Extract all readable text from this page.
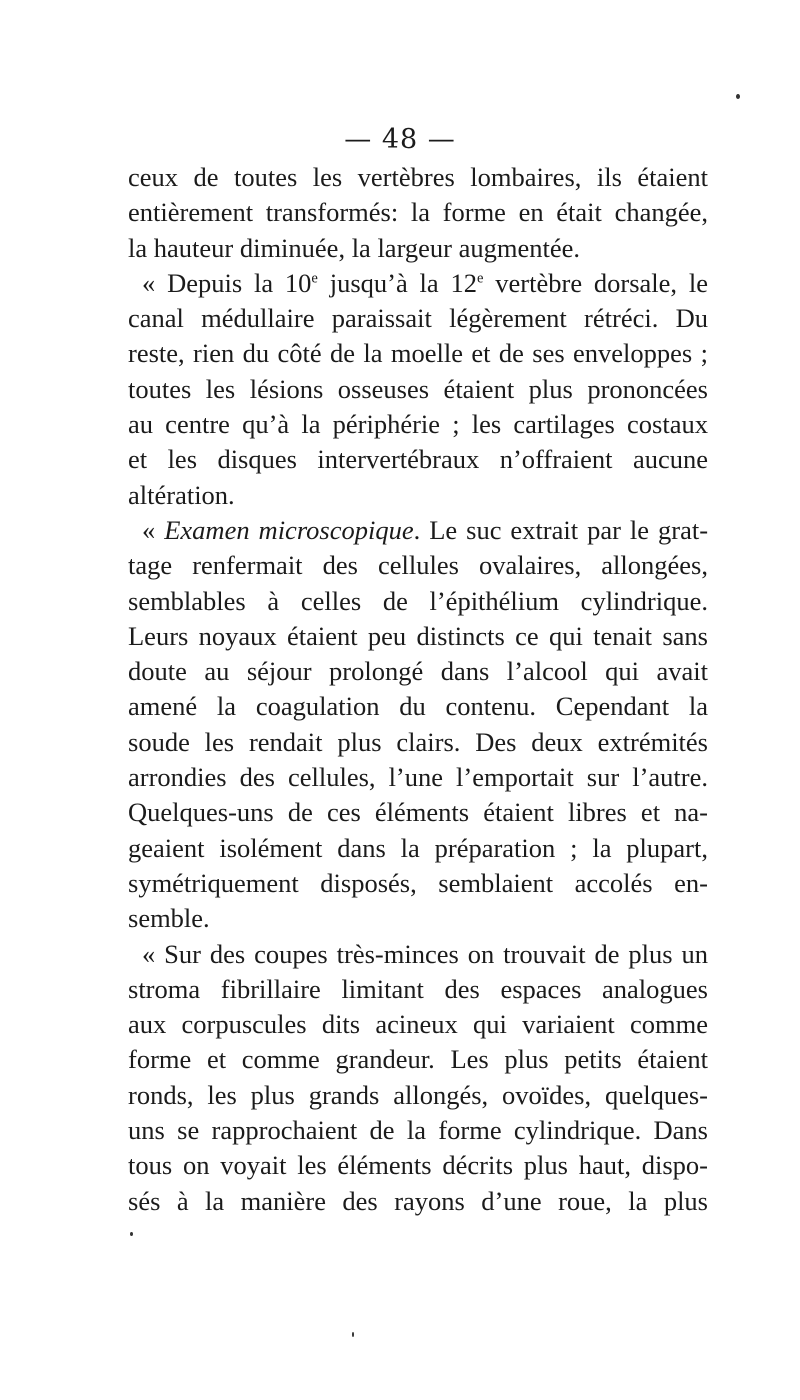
— 48 —
ceux de toutes les vertèbres lombaires, ils étaient
entièrement transformés: la forme en était changée,
la hauteur diminuée, la largeur augmentée.
« Depuis la 10e jusqu’à la 12e vertèbre dorsale, le
canal médullaire paraissait légèrement rétréci. Du
reste, rien du côté de la moelle et de ses enveloppes ;
toutes les lésions osseuses étaient plus prononcées
au centre qu’à la périphérie ; les cartilages costaux
et les disques intervertébraux n’offraient aucune
altération.
« Examen microscopique. Le suc extrait par le grat-
tage renfermait des cellules ovalaires, allongées,
semblables à celles de l’épithélium cylindrique.
Leurs noyaux étaient peu distincts ce qui tenait sans
doute au séjour prolongé dans l’alcool qui avait
amené la coagulation du contenu. Cependant la
soude les rendait plus clairs. Des deux extrémités
arrondies des cellules, l’une l’emportait sur l’autre.
Quelques-uns de ces éléments étaient libres et na-
geaient isolément dans la préparation ; la plupart,
symétriquement disposés, semblaient accolés en-
semble.
« Sur des coupes très-minces on trouvait de plus un
stroma fibrillaire limitant des espaces analogues
aux corpuscules dits acineux qui variaient comme
forme et comme grandeur. Les plus petits étaient
ronds, les plus grands allongés, ovoïdes, quelques-
uns se rapprochaient de la forme cylindrique. Dans
tous on voyait les éléments décrits plus haut, dispo-
sés à la manière des rayons d’une roue, la plus
